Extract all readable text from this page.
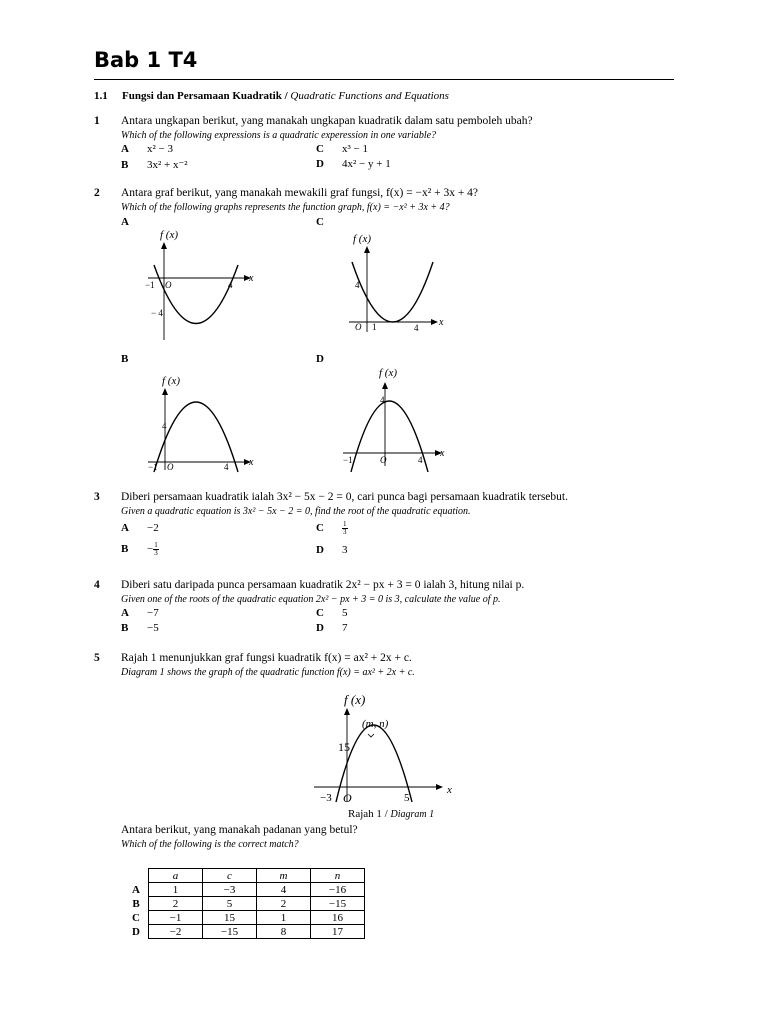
Bab 1 T4
1.1 Fungsi dan Persamaan Kuadratik / Quadratic Functions and Equations
1 Antara ungkapan berikut, yang manakah ungkapan kuadratik dalam satu pemboleh ubah?
Which of the following expressions is a quadratic experession in one variable?
A x² − 3
B 3x² + x⁻²
C x³ − 1
D 4x² − y + 1
2 Antara graf berikut, yang manakah mewakili graf fungsi, f(x) = −x² + 3x + 4?
Which of the following graphs represents the function graph, f(x) = −x² + 3x + 4?
A	C
B	D
f (x)
x
−1 O	4
− 4
f (x)
x
4
O 1	4
f (x)
x
4
−1 O	4
f (x)
x
4
−1	O	4
3 Diberi persamaan kuadratik ialah 3x² − 5x − 2 = 0, cari punca bagi persamaan kuadratik tersebut.
Given a quadratic equation is 3x² − 5x − 2 = 0, find the root of the quadratic equation.
A −2
$B - \frac{1}{3}$
C	$\frac{1}{3}$
D 3
4 Diberi satu daripada punca persamaan kuadratik 2x² − px + 3 = 0 ialah 3, hitung nilai p.
Given one of the roots of the quadratic equation 2x² − px + 3 = 0 is 3, calculate the value of p.
A −7
B −5
C 5
D 7
5 Rajah 1 menunjukkan graf fungsi kuadratik f(x) = ax² + 2x + c.
Diagram 1 shows the graph of the quadratic function f(x) = ax² + 2x + c.
f (x)
x
(m, n)
15
−3 O	5
Rajah 1 / Diagram 1
Antara berikut, yang manakah padanan yang betul?
Which of the following is the correct match?
	a	c	m	n
A	1	−3	4	−16
B	2	5	2	−15
C	−1	15	1	16
D	−2	−15	8	17
